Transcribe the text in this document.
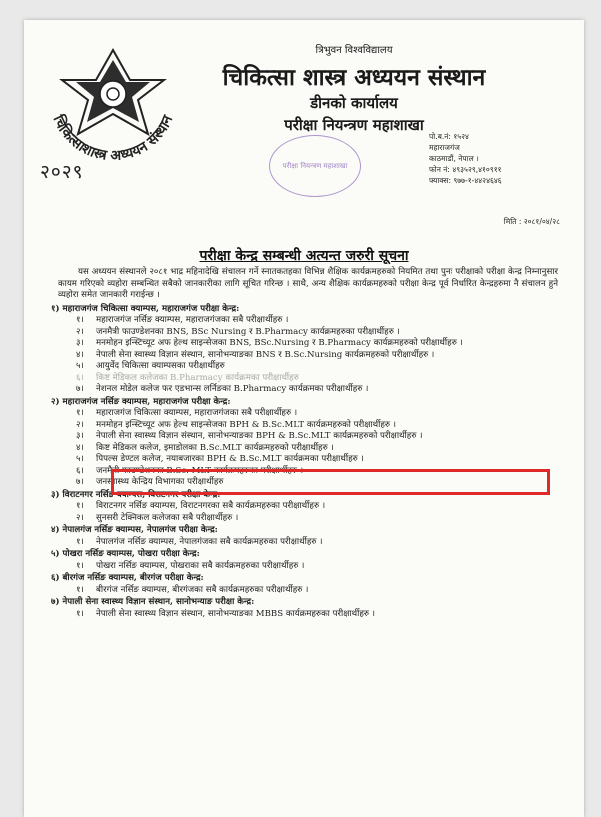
चिकित्साशास्त्र अध्ययन संस्थान
२०२९
त्रिभुवन विश्वविद्यालय
चिकित्सा शास्त्र अध्ययन संस्थान
डीनको कार्यालय
परीक्षा नियन्त्रण महाशाखा
परीक्षा नियन्त्रण महाशाखा
पो.ब.नं: १५२४
महाराजगंज
काठमाडौं, नेपाल ।
फोन नं: ४९३५२९,४१०९११
फ्याक्स: ९७७-१-४४२४६४६
मिति : २०८१/०४/२८
परीक्षा केन्द्र सम्बन्धी अत्यन्त जरुरी सूचना

यस अध्ययन संस्थानले २०८१ भाद्र महिनादेखि संचालन गर्ने स्नातकतहका विभिन्न शैक्षिक कार्यक्रमहरुको नियमित तथा पुनः परीक्षाको परीक्षा केन्द्र निम्नानुसार कायम गरिएको व्यहोरा सम्बन्धित सबैको जानकारीका लागि सूचित गरिन्छ । साथै, अन्य शैक्षिक कार्यक्रमहरुको परीक्षा केन्द्र पूर्व निर्धारित केन्द्रहरुमा नै संचालन हुने व्यहोरा समेत जानकारी गराईन्छ ।

१) महाराजगंज चिकित्सा क्याम्पस, महाराजगंज परीक्षा केन्द्र:
१। महाराजगंज नर्सिङ क्याम्पस, महाराजगंजका सबै परीक्षार्थीहरु ।
२। जनमैत्री फाउण्डेशनका BNS, BSc Nursing र B.Pharmacy कार्यक्रमहरुका परीक्षार्थीहरु ।
३। मनमोहन इन्स्टिच्यूट अफ हेल्थ साइन्सेजका BNS, BSc.Nursing र B.Pharmacy कार्यक्रमहरुको परीक्षार्थीहरु ।
४। नेपाली सेना स्वास्थ्य विज्ञान संस्थान, सानोभन्याङका BNS र B.Sc.Nursing कार्यक्रमहरुको परीक्षार्थीहरु ।
५। आयुर्वेद चिकित्सा क्याम्पसका परीक्षार्थीहरु
६। किष्ट मेडिकल कलेजका B.Pharmacy कार्यक्रमका परीक्षार्थीहरु
७। नेशनल मोडेल कलेज फर एडभान्स लर्निङका B.Pharmacy कार्यक्रमका परीक्षार्थीहरु ।
२) महाराजगंज नर्सिङ क्याम्पस, महाराजगंज परीक्षा केन्द्र:
१। महाराजगंज चिकित्सा क्याम्पस, महाराजगंजका सबै परीक्षार्थीहरु ।
२। मनमोहन इन्स्टिच्यूट अफ हेल्थ साइन्सेजका BPH & B.Sc.MLT कार्यक्रमहरुको परीक्षार्थीहरु ।
३। नेपाली सेना स्वास्थ्य विज्ञान संस्थान, सानोभन्याङका BPH & B.Sc.MLT कार्यक्रमहरुको परीक्षार्थीहरु ।
४। किष्ट मेडिकल कलेज, इमाडोलका B.Sc.MLT कार्यक्रमहरुको परीक्षार्थीहरु ।
५। पिपल्स डेण्टल कलेज, नयाबजारका BPH & B.Sc.MLT कार्यक्रमका परीक्षार्थीहरु ।
६। जनमैत्री फाउण्डेशनका B.Sc. MLT कार्यक्रमहरुका परीक्षार्थीहरु ।
७। जनस्वास्थ्य केन्द्रिय विभागका परीक्षार्थीहरु
३) विराटनगर नर्सिङ क्याम्पस, विराटनगर परीक्षा केन्द्र:
१। विराटनगर नर्सिङ क्याम्पस, विराटनगरका सबै कार्यक्रमहरुका परीक्षार्थीहरु ।
२। सुनसरी टेक्निकल कलेजका सबै परीक्षार्थीहरु ।
४) नेपालगंज नर्सिङ क्याम्पस, नेपालगंज परीक्षा केन्द्र:
१। नेपालगंज नर्सिङ क्याम्पस, नेपालगंजका सबै कार्यक्रमहरुका परीक्षार्थीहरु ।
५) पोखरा नर्सिङ क्याम्पस, पोखरा परीक्षा केन्द्र:
१। पोखरा नर्सिङ क्याम्पस, पोखराका सबै कार्यक्रमहरुका परीक्षार्थीहरु ।
६) बीरगंज नर्सिङ क्याम्पस, बीरगंज परीक्षा केन्द्र:
१। बीरगंज नर्सिङ क्याम्पस, बीरगंजका सबै कार्यक्रमहरुका परीक्षार्थीहरु ।
७) नेपाली सेना स्वास्थ्य विज्ञान संस्थान, सानोभन्याङ परीक्षा केन्द्र:
१। नेपाली सेना स्वास्थ्य विज्ञान संस्थान, सानोभन्याङका MBBS कार्यक्रमहरुका परीक्षार्थीहरु ।
